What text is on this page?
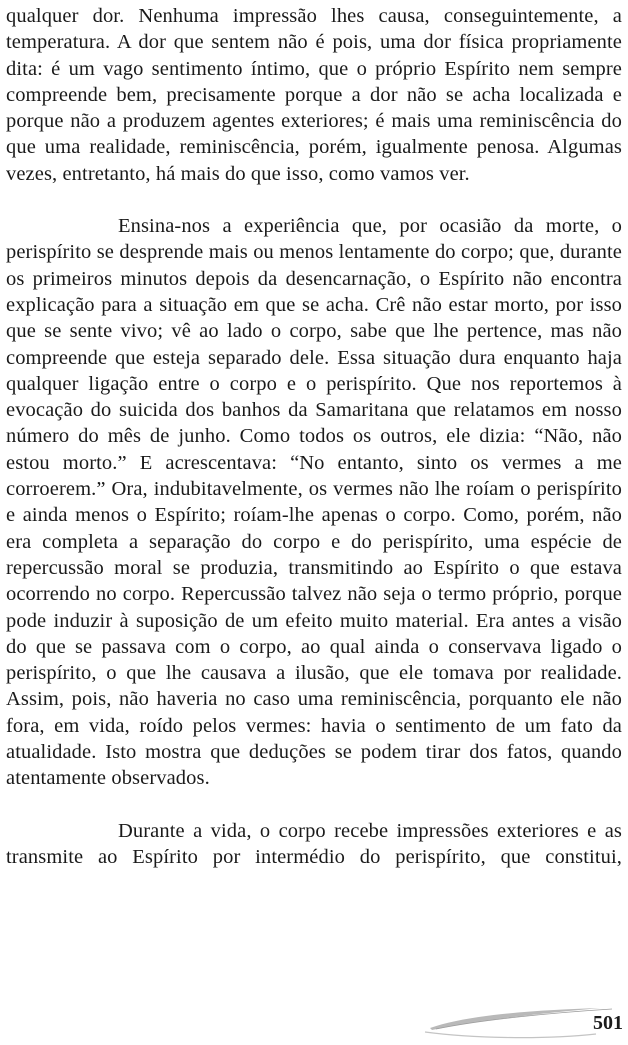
qualquer dor. Nenhuma impressão lhes causa, conseguintemente, a temperatura. A dor que sentem não é pois, uma dor física propriamente dita: é um vago sentimento íntimo, que o próprio Espírito nem sempre compreende bem, precisamente porque a dor não se acha localizada e porque não a produzem agentes exteriores; é mais uma reminiscência do que uma realidade, reminiscência, porém, igualmente penosa. Algumas vezes, entretanto, há mais do que isso, como vamos ver.

Ensina-nos a experiência que, por ocasião da morte, o perispírito se desprende mais ou menos lentamente do corpo; que, durante os primeiros minutos depois da desencarnação, o Espírito não encontra explicação para a situação em que se acha. Crê não estar morto, por isso que se sente vivo; vê ao lado o corpo, sabe que lhe pertence, mas não compreende que esteja separado dele. Essa situação dura enquanto haja qualquer ligação entre o corpo e o perispírito. Que nos reportemos à evocação do suicida dos banhos da Samaritana que relatamos em nosso número do mês de junho. Como todos os outros, ele dizia: “Não, não estou morto.” E acrescentava: “No entanto, sinto os vermes a me corroerem.” Ora, indubitavelmente, os vermes não lhe roíam o perispírito e ainda menos o Espírito; roíam-lhe apenas o corpo. Como, porém, não era completa a separação do corpo e do perispírito, uma espécie de repercussão moral se produzia, transmitindo ao Espírito o que estava ocorrendo no corpo. Repercussão talvez não seja o termo próprio, porque pode induzir à suposição de um efeito muito material. Era antes a visão do que se passava com o corpo, ao qual ainda o conservava ligado o perispírito, o que lhe causava a ilusão, que ele tomava por realidade. Assim, pois, não haveria no caso uma reminiscência, porquanto ele não fora, em vida, roído pelos vermes: havia o sentimento de um fato da atualidade. Isto mostra que deduções se podem tirar dos fatos, quando atentamente observados.

Durante a vida, o corpo recebe impressões exteriores e as transmite ao Espírito por intermédio do perispírito, que constitui,

501
